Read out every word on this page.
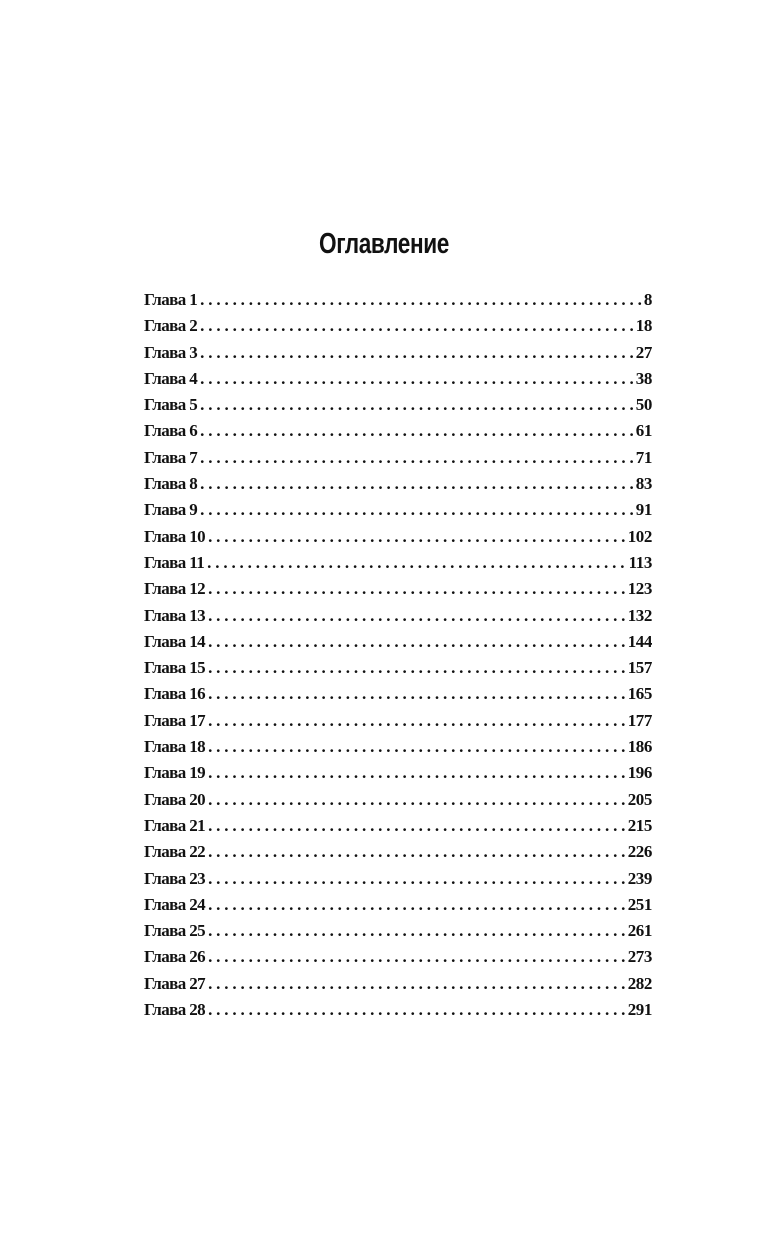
Оглавление
Глава 1 . . .	8
Глава 2 . . .	18
Глава 3 . . .	27
Глава 4 . . .	38
Глава 5 . . .	50
Глава 6 . . .	61
Глава 7 . . .	71
Глава 8 . . .	83
Глава 9 . . .	91
Глава 10 . . .	102
Глава 11 . . .	113
Глава 12 . . .	123
Глава 13 . . .	132
Глава 14 . . .	144
Глава 15 . . .	157
Глава 16 . . .	165
Глава 17 . . .	177
Глава 18 . . .	186
Глава 19 . . .	196
Глава 20 . . .	205
Глава 21 . . .	215
Глава 22 . . .	226
Глава 23 . . .	239
Глава 24 . . .	251
Глава 25 . . .	261
Глава 26 . . .	273
Глава 27 . . .	282
Глава 28 . . .	291
